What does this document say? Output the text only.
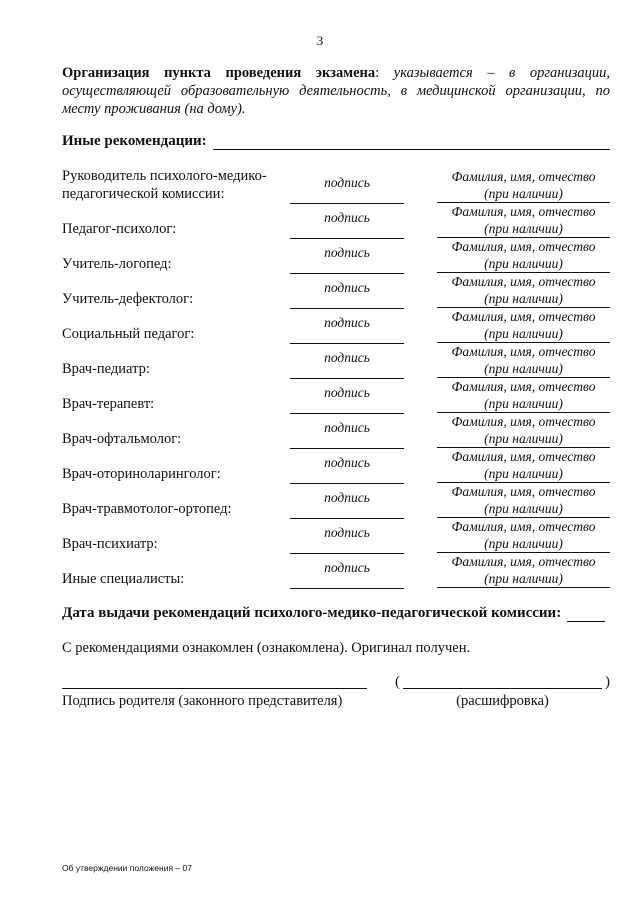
3
Организация пункта проведения экзамена: указывается – в организации, осуществляющей образовательную деятельность, в медицинской организации, по месту проживания (на дому).
Иные рекомендации:
Руководитель психолого-медико-педагогической комиссии:
подпись	Фамилия, имя, отчество
(при наличии)
Педагог-психолог:
подпись	Фамилия, имя, отчество
(при наличии)
Учитель-логопед:
подпись	Фамилия, имя, отчество
(при наличии)
Учитель-дефектолог:
подпись	Фамилия, имя, отчество
(при наличии)
Социальный педагог:
подпись	Фамилия, имя, отчество
(при наличии)
Врач-педиатр:
подпись	Фамилия, имя, отчество
(при наличии)
Врач-терапевт:
подпись	Фамилия, имя, отчество
(при наличии)
Врач-офтальмолог:
подпись	Фамилия, имя, отчество
(при наличии)
Врач-оториноларинголог:
подпись	Фамилия, имя, отчество
(при наличии)
Врач-травмотолог-ортопед:
подпись	Фамилия, имя, отчество
(при наличии)
Врач-психиатр:
подпись	Фамилия, имя, отчество
(при наличии)
Иные специалисты:
подпись	Фамилия, имя, отчество
(при наличии)
Дата выдачи рекомендаций психолого-медико-педагогической комиссии:
С рекомендациями ознакомлен (ознакомлена). Оригинал получен.
(	)
Подпись родителя (законного представителя)	(расшифровка)
Об утверждении положения – 07
